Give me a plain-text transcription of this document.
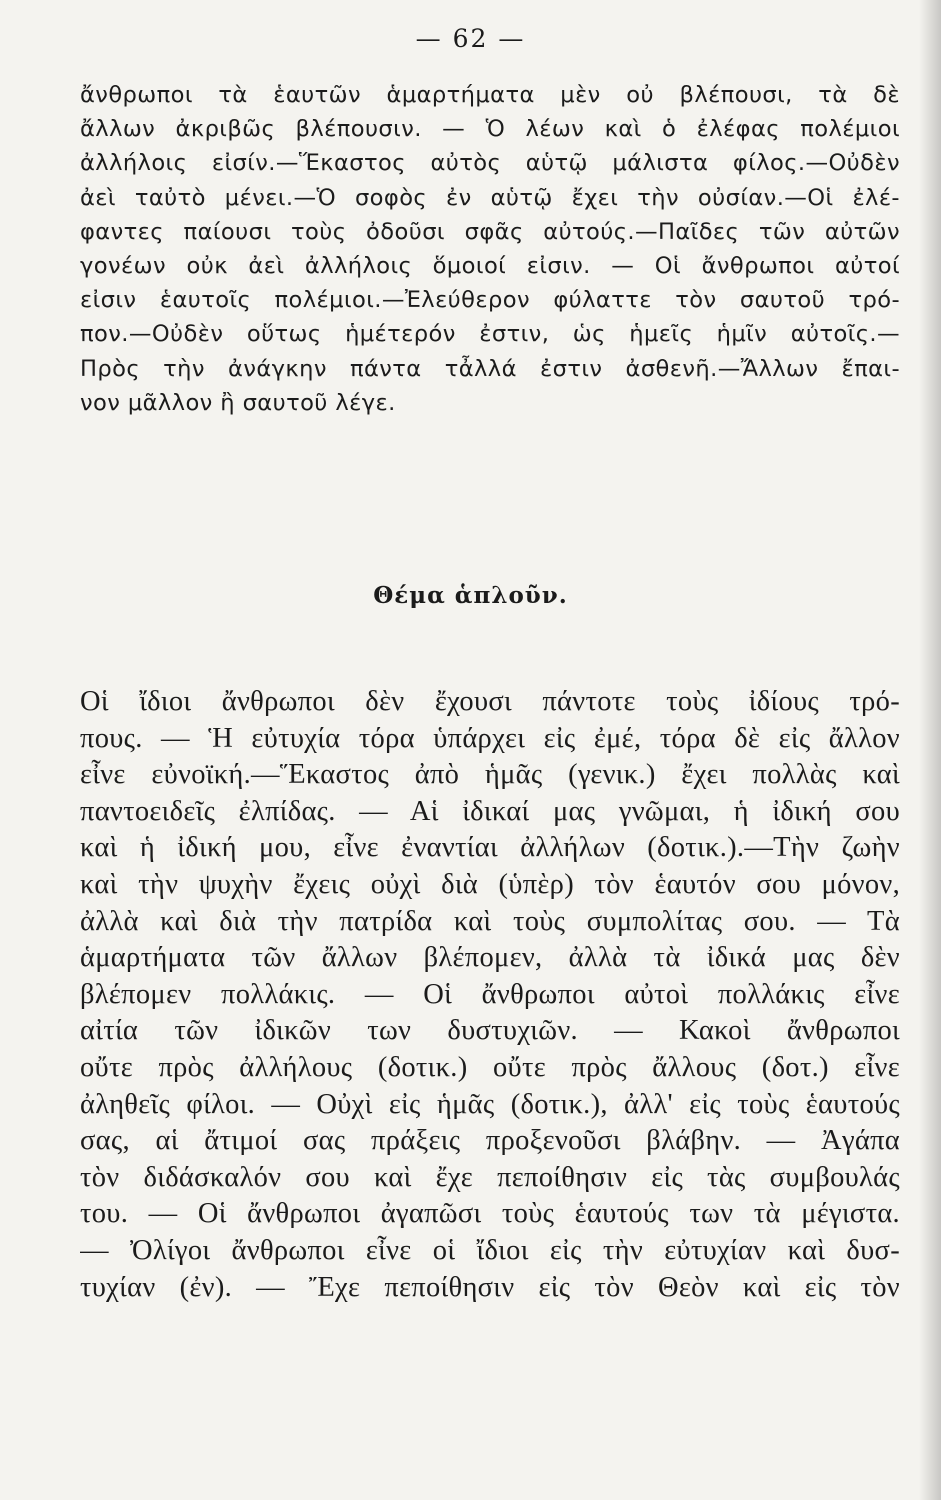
— 62 —
ἄνθρωποι τὰ ἑαυτῶν ἁμαρτήματα μὲν οὐ βλέπουσι, τὰ δὲ
ἄλλων ἀκριβῶς βλέπουσιν. — Ὁ λέων καὶ ὁ ἐλέφας πολέμιοι
ἀλλήλοις εἰσίν.—Ἕκαστος αὐτὸς αὑτῷ μάλιστα φίλος.—Οὐδὲν
ἀεὶ ταὐτὸ μένει.—Ὁ σοφὸς ἐν αὑτῷ ἔχει τὴν οὐσίαν.—Οἱ ἐλέ-
φαντες παίουσι τοὺς ὀδοῦσι σφᾶς αὐτούς.—Παῖδες τῶν αὐτῶν
γονέων οὐκ ἀεὶ ἀλλήλοις ὅμοιοί εἰσιν. — Οἱ ἄνθρωποι αὐτοί
εἰσιν ἑαυτοῖς πολέμιοι.—Ἐλεύθερον φύλαττε τὸν σαυτοῦ τρό-
πον.—Οὐδὲν οὕτως ἡμέτερόν ἐστιν, ὡς ἡμεῖς ἡμῖν αὐτοῖς.—
Πρὸς τὴν ἀνάγκην πάντα τἆλλά ἐστιν ἀσθενῆ.—Ἄλλων ἔπαι-
νον μᾶλλον ἢ σαυτοῦ λέγε.
Θέμα ἁπλοῦν.
Οἱ ἴδιοι ἄνθρωποι δὲν ἔχουσι πάντοτε τοὺς ἰδίους τρό-
πους. — Ἡ εὐτυχία τόρα ὑπάρχει εἰς ἐμέ, τόρα δὲ εἰς ἄλλον
εἶνε εὐνοϊκή.—Ἕκαστος ἀπὸ ἡμᾶς (γενικ.) ἔχει πολλὰς καὶ
παντοειδεῖς ἐλπίδας. — Αἱ ἰδικαί μας γνῶμαι, ἡ ἰδική σου
καὶ ἡ ἰδική μου, εἶνε ἐναντίαι ἀλλήλων (δοτικ.).—Τὴν ζωὴν
καὶ τὴν ψυχὴν ἔχεις οὐχὶ διὰ (ὑπὲρ) τὸν ἑαυτόν σου μόνον,
ἀλλὰ καὶ διὰ τὴν πατρίδα καὶ τοὺς συμπολίτας σου. — Τὰ
ἁμαρτήματα τῶν ἄλλων βλέπομεν, ἀλλὰ τὰ ἰδικά μας δὲν
βλέπομεν πολλάκις. — Οἱ ἄνθρωποι αὐτοὶ πολλάκις εἶνε
αἰτία τῶν ἰδικῶν των δυστυχιῶν. — Κακοὶ ἄνθρωποι
οὔτε πρὸς ἀλλήλους (δοτικ.) οὔτε πρὸς ἄλλους (δοτ.) εἶνε
ἀληθεῖς φίλοι. — Οὐχὶ εἰς ἡμᾶς (δοτικ.), ἀλλ' εἰς τοὺς ἑαυτούς
σας, αἱ ἄτιμοί σας πράξεις προξενοῦσι βλάβην. — Ἀγάπα
τὸν διδάσκαλόν σου καὶ ἔχε πεποίθησιν εἰς τὰς συμβουλάς
του. — Οἱ ἄνθρωποι ἀγαπῶσι τοὺς ἑαυτούς των τὰ μέγιστα.
— Ὀλίγοι ἄνθρωποι εἶνε οἱ ἴδιοι εἰς τὴν εὐτυχίαν καὶ δυσ-
τυχίαν (ἐν). — Ἔχε πεποίθησιν εἰς τὸν Θεὸν καὶ εἰς τὸν
